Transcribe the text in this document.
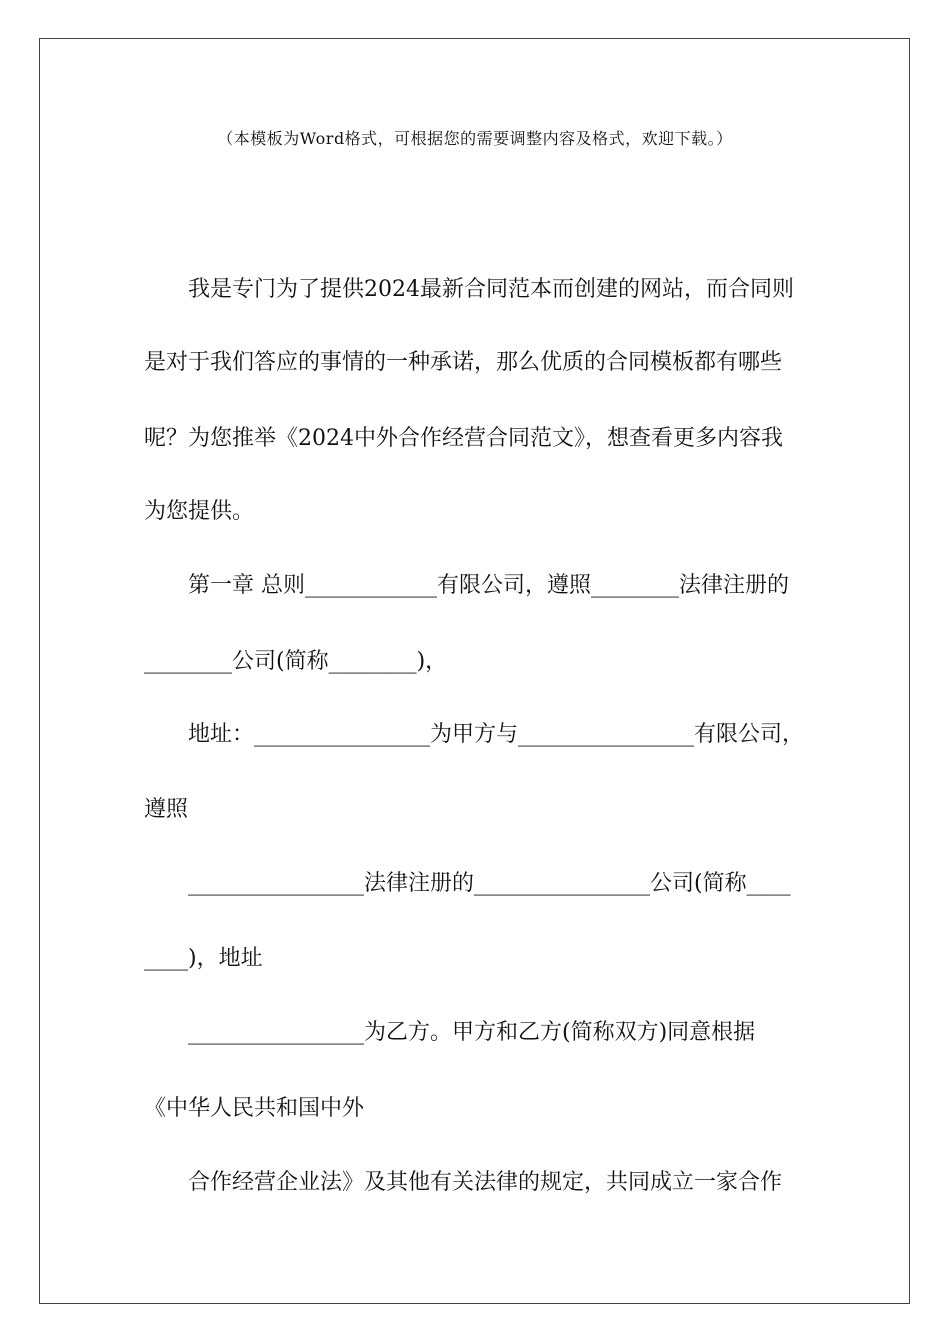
（本模板为Word格式，可根据您的需要调整内容及格式，欢迎下载。）
我是专门为了提供2024最新合同范本而创建的网站，而合同则
是对于我们答应的事情的一种承诺，那么优质的合同模板都有哪些
呢？为您推举《2024中外合作经营合同范文》，想查看更多内容我
为您提供。
第一章 总则____________有限公司，遵照________法律注册的
________公司(简称________)，
地址：________________为甲方与________________有限公司，
遵照
________________法律注册的________________公司(简称____
____)，地址
________________为乙方。甲方和乙方(简称双方)同意根据
《中华人民共和国中外
合作经营企业法》及其他有关法律的规定，共同成立一家合作
